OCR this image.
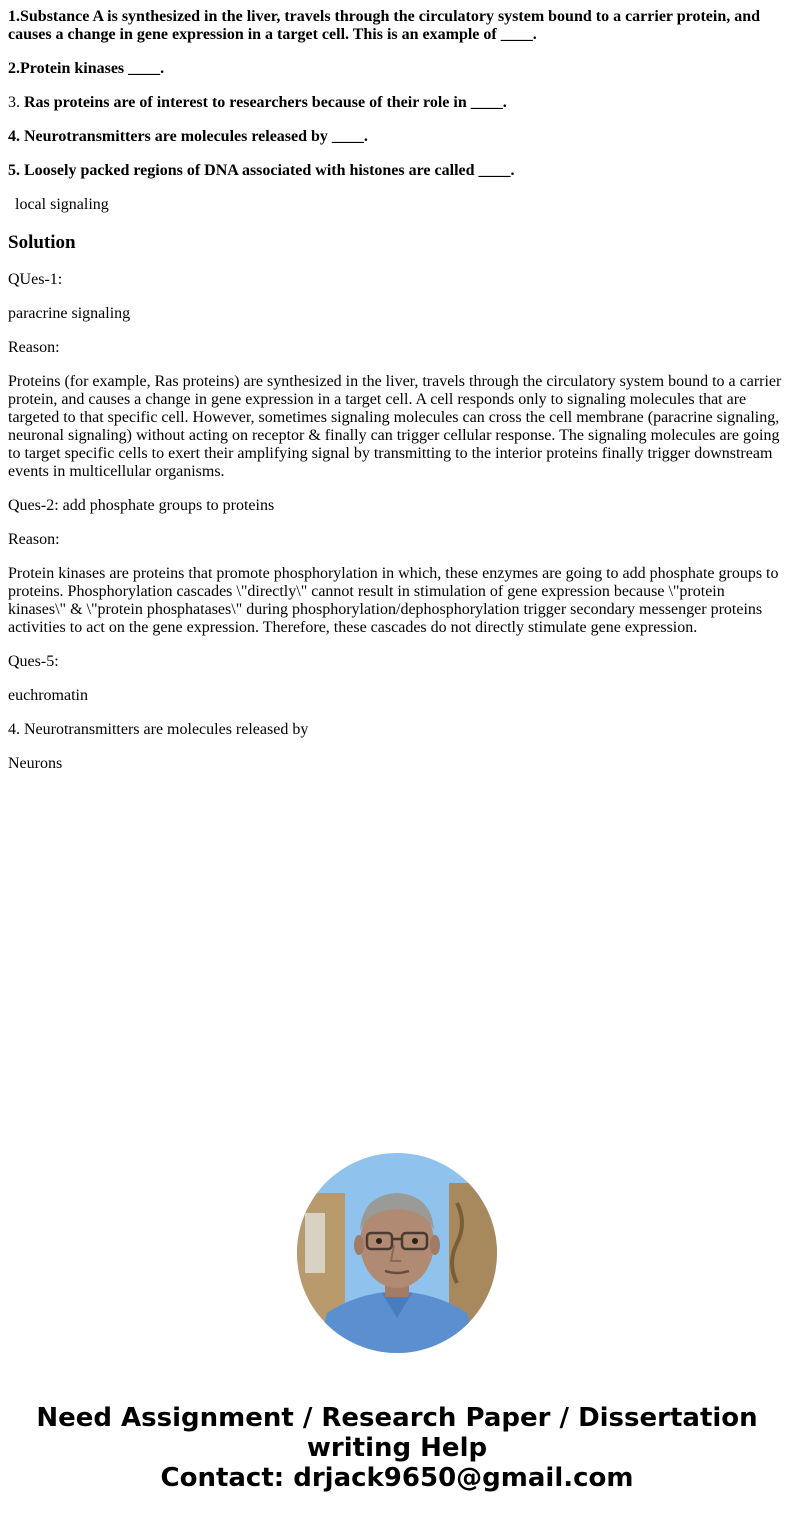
1.Substance A is synthesized in the liver, travels through the circulatory system bound to a carrier protein, and causes a change in gene expression in a target cell. This is an example of ____.
2.Protein kinases ____.
3. Ras proteins are of interest to researchers because of their role in ____.
4. Neurotransmitters are molecules released by ____.
5. Loosely packed regions of DNA associated with histones are called ____.
local signaling
Solution
QUes-1:
paracrine signaling
Reason:
Proteins (for example, Ras proteins) are synthesized in the liver, travels through the circulatory system bound to a carrier protein, and causes a change in gene expression in a target cell. A cell responds only to signaling molecules that are targeted to that specific cell. However, sometimes signaling molecules can cross the cell membrane (paracrine signaling, neuronal signaling) without acting on receptor & finally can trigger cellular response. The signaling molecules are going to target specific cells to exert their amplifying signal by transmitting to the interior proteins finally trigger downstream events in multicellular organisms.
Ques-2: add phosphate groups to proteins
Reason:
Protein kinases are proteins that promote phosphorylation in which, these enzymes are going to add phosphate groups to proteins. Phosphorylation cascades \"directly\" cannot result in stimulation of gene expression because \"protein kinases\" & \"protein phosphatases\" during phosphorylation/dephosphorylation trigger secondary messenger proteins activities to act on the gene expression. Therefore, these cascades do not directly stimulate gene expression.
Ques-5:
euchromatin
4. Neurotransmitters are molecules released by
Neurons
Need Assignment / Research Paper / Dissertation
writing Help
Contact: drjack9650@gmail.com
